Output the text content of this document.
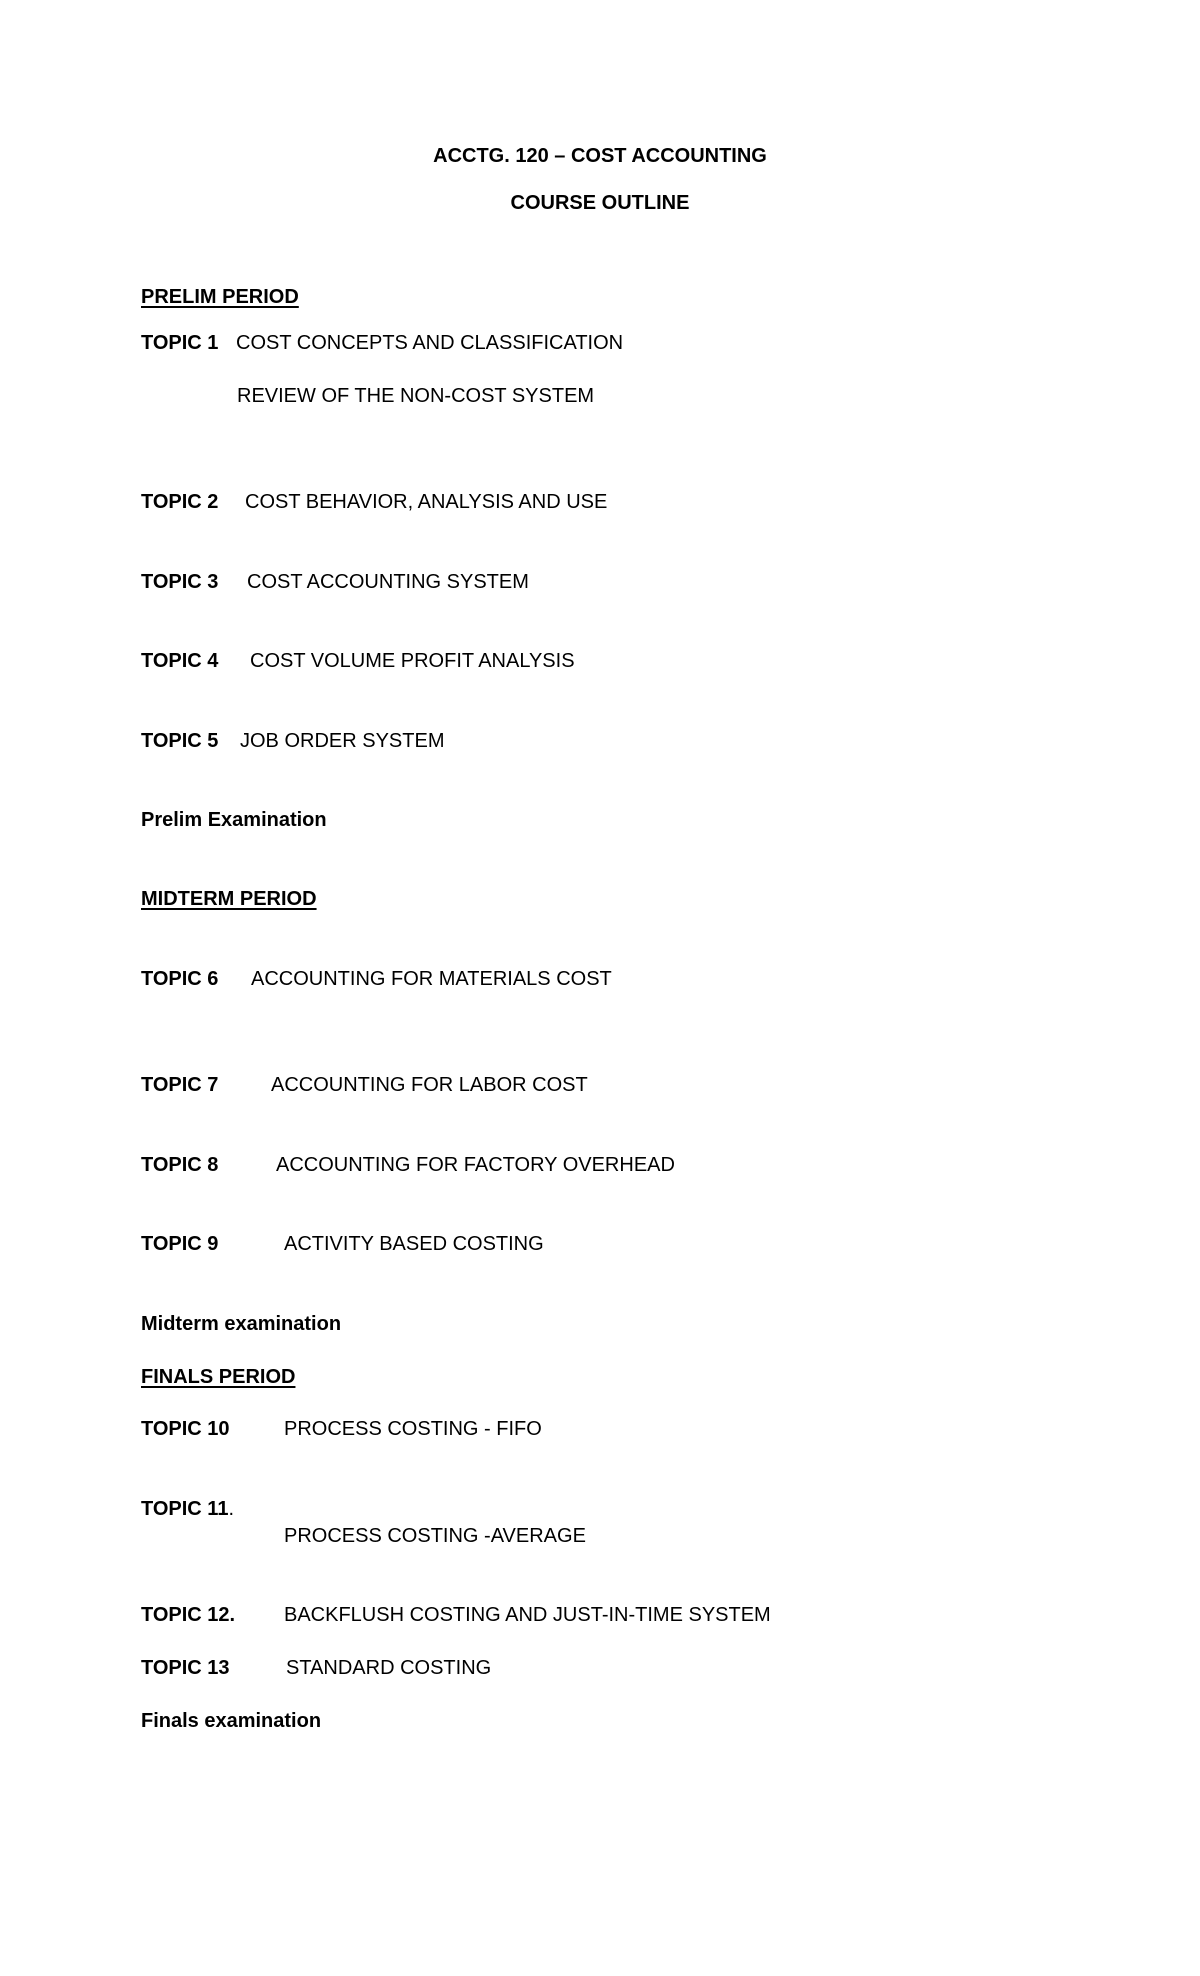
ACCTG. 120 – COST ACCOUNTING
COURSE OUTLINE
PRELIM PERIOD
TOPIC 1 COST CONCEPTS AND CLASSIFICATION
REVIEW OF THE NON-COST SYSTEM
TOPIC 2 COST BEHAVIOR, ANALYSIS AND USE
TOPIC 3 COST ACCOUNTING SYSTEM
TOPIC 4 COST VOLUME PROFIT ANALYSIS
TOPIC 5 JOB ORDER SYSTEM
Prelim Examination
MIDTERM PERIOD
TOPIC 6 ACCOUNTING FOR MATERIALS COST
TOPIC 7	ACCOUNTING FOR LABOR COST
TOPIC 8	ACCOUNTING FOR FACTORY OVERHEAD
TOPIC 9	ACTIVITY BASED COSTING
Midterm examination
FINALS PERIOD
TOPIC 10	PROCESS COSTING - FIFO
TOPIC 11.
PROCESS COSTING -AVERAGE
TOPIC 12. BACKFLUSH COSTING AND JUST-IN-TIME SYSTEM
TOPIC 13	STANDARD COSTING
Finals examination
